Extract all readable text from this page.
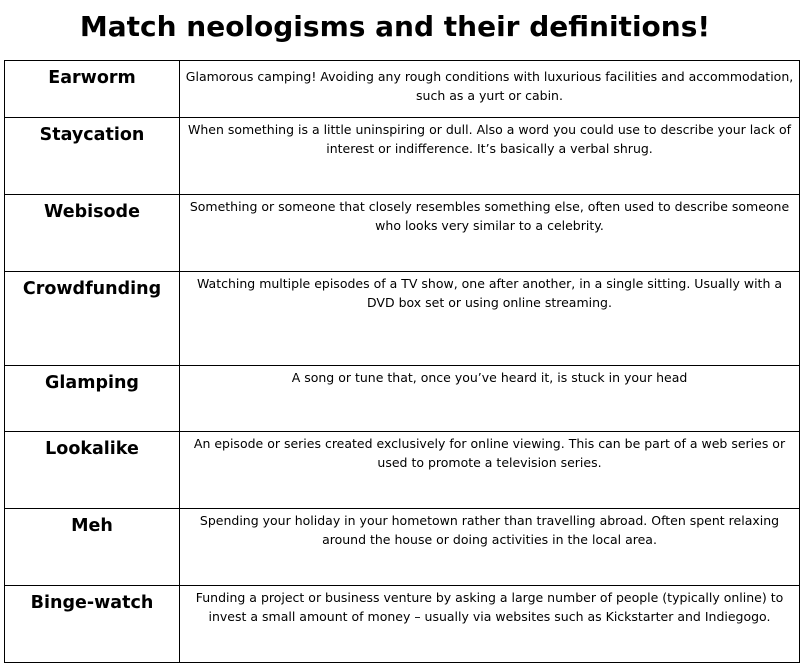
Match neologisms and their definitions!
Earworm	Glamorous camping! Avoiding any rough conditions with luxurious facilities and accommodation, such as a yurt or cabin.
Staycation	When something is a little uninspiring or dull. Also a word you could use to describe your lack of interest or indifference. It’s basically a verbal shrug.
Webisode	Something or someone that closely resembles something else, often used to describe someone who looks very similar to a celebrity.
Crowdfunding	Watching multiple episodes of a TV show, one after another, in a single sitting. Usually with a DVD box set or using online streaming.
Glamping	A song or tune that, once you’ve heard it, is stuck in your head
Lookalike	An episode or series created exclusively for online viewing. This can be part of a web series or used to promote a television series.
Meh	Spending your holiday in your hometown rather than travelling abroad. Often spent relaxing around the house or doing activities in the local area.
Binge-watch	Funding a project or business venture by asking a large number of people (typically online) to invest a small amount of money – usually via websites such as Kickstarter and Indiegogo.
